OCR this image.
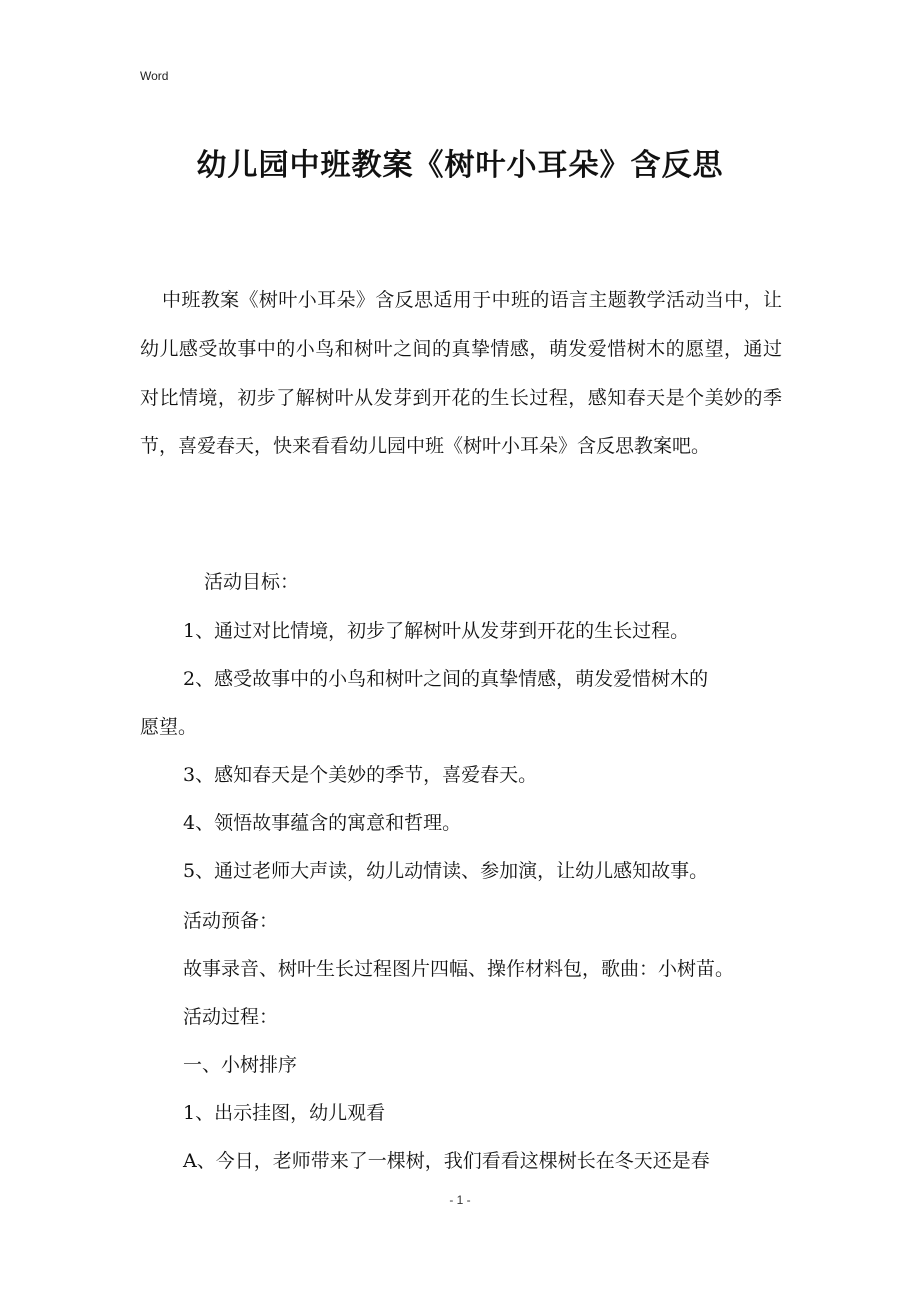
Word
幼儿园中班教案《树叶小耳朵》含反思

中班教案《树叶小耳朵》含反思适用于中班的语言主题教学活动当中，让幼儿感受故事中的小鸟和树叶之间的真挚情感，萌发爱惜树木的愿望，通过对比情境，初步了解树叶从发芽到开花的生长过程，感知春天是个美妙的季节，喜爱春天，快来看看幼儿园中班《树叶小耳朵》含反思教案吧。

活动目标：
1、通过对比情境，初步了解树叶从发芽到开花的生长过程。
2、感受故事中的小鸟和树叶之间的真挚情感，萌发爱惜树木的
愿望。
3、感知春天是个美妙的季节，喜爱春天。
4、领悟故事蕴含的寓意和哲理。
5、通过老师大声读，幼儿动情读、参加演，让幼儿感知故事。
活动预备：
故事录音、树叶生长过程图片四幅、操作材料包，歌曲：小树苗。
活动过程：
一、小树排序
1、出示挂图，幼儿观看
A、今日，老师带来了一棵树，我们看看这棵树长在冬天还是春
- 1 -
